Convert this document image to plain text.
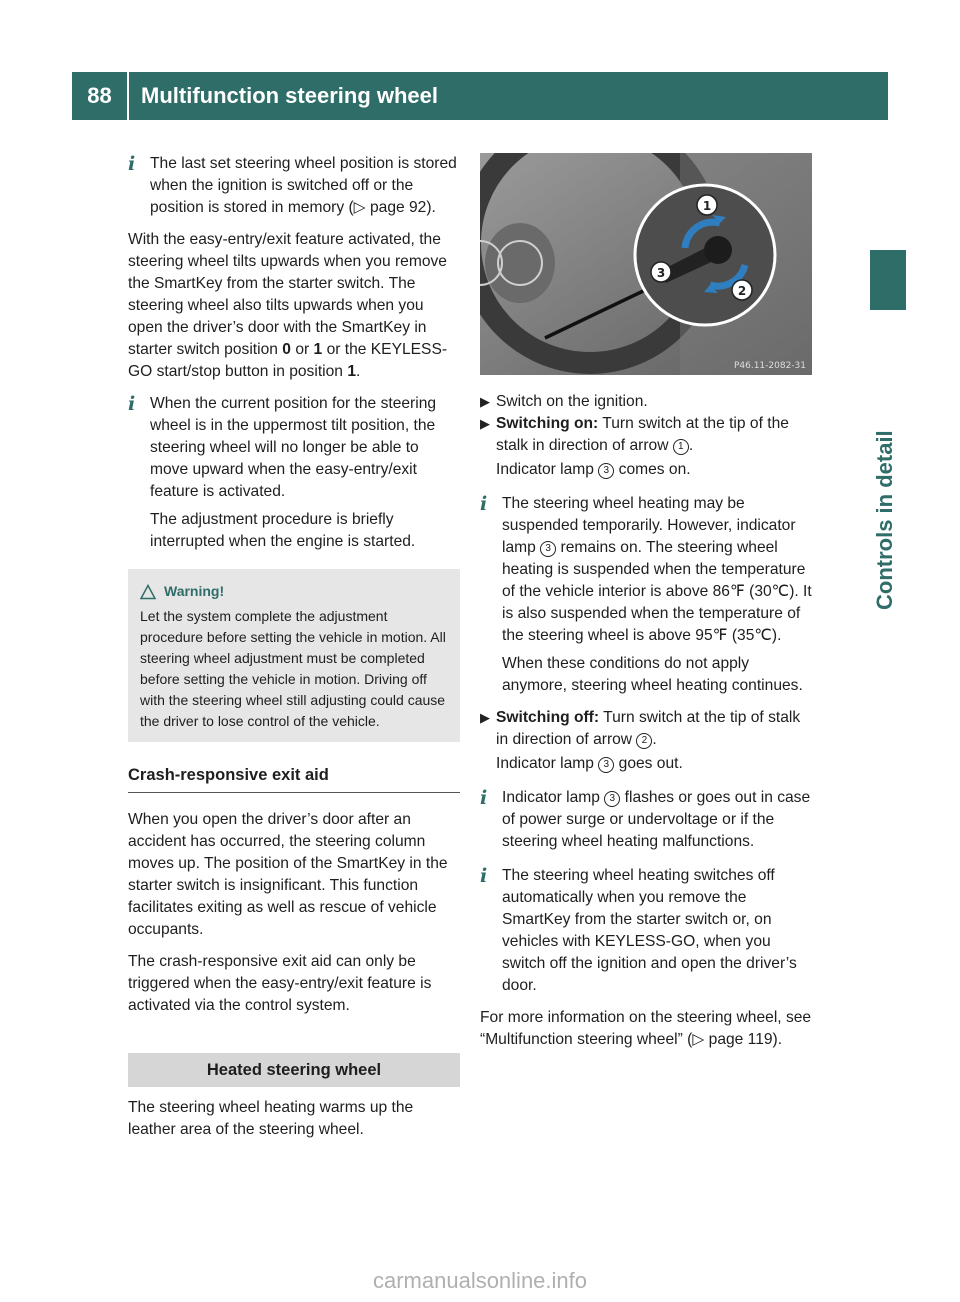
88	Multifunction steering wheel
Controls in detail
i The last set steering wheel position is stored when the ignition is switched off or the position is stored in memory (▷ page 92).

With the easy-entry/exit feature activated, the steering wheel tilts upwards when you remove the SmartKey from the starter switch. The steering wheel also tilts upwards when you open the driver’s door with the SmartKey in starter switch position 0 or 1 or the KEYLESS-GO start/stop button in position 1.

i When the current position for the steering wheel is in the uppermost tilt position, the steering wheel will no longer be able to move upward when the easy-entry/exit feature is activated.

The adjustment procedure is briefly interrupted when the engine is started.

Warning!
Let the system complete the adjustment procedure before setting the vehicle in motion. All steering wheel adjustment must be completed before setting the vehicle in motion. Driving off with the steering wheel still adjusting could cause the driver to lose control of the vehicle.
Crash-responsive exit aid

When you open the driver’s door after an accident has occurred, the steering column moves up. The position of the SmartKey in the starter switch is insignificant. This function facilitates exiting as well as rescue of vehicle occupants.

The crash-responsive exit aid can only be triggered when the easy-entry/exit feature is activated via the control system.

Heated steering wheel

The steering wheel heating warms up the leather area of the steering wheel.

1
2
3
P46.11-2082-31
▶ Switch on the ignition.

▶ Switching on: Turn switch at the tip of the stalk in direction of arrow 1 .

Indicator lamp 3 comes on.

i The steering wheel heating may be suspended temporarily. However, indicator lamp 3 remains on. The steering wheel heating is suspended when the temperature of the vehicle interior is above 86℉ (30℃). It is also suspended when the temperature of the steering wheel is above 95℉ (35℃).

When these conditions do not apply anymore, steering wheel heating continues.

▶ Switching off: Turn switch at the tip of stalk in direction of arrow 2 .

Indicator lamp 3 goes out.

i Indicator lamp 3 flashes or goes out in case of power surge or undervoltage or if the steering wheel heating malfunctions.

i The steering wheel heating switches off automatically when you remove the SmartKey from the starter switch or, on vehicles with KEYLESS-GO, when you switch off the ignition and open the driver’s door.

For more information on the steering wheel, see “Multifunction steering wheel” (▷ page 119).

carmanualsonline.info
